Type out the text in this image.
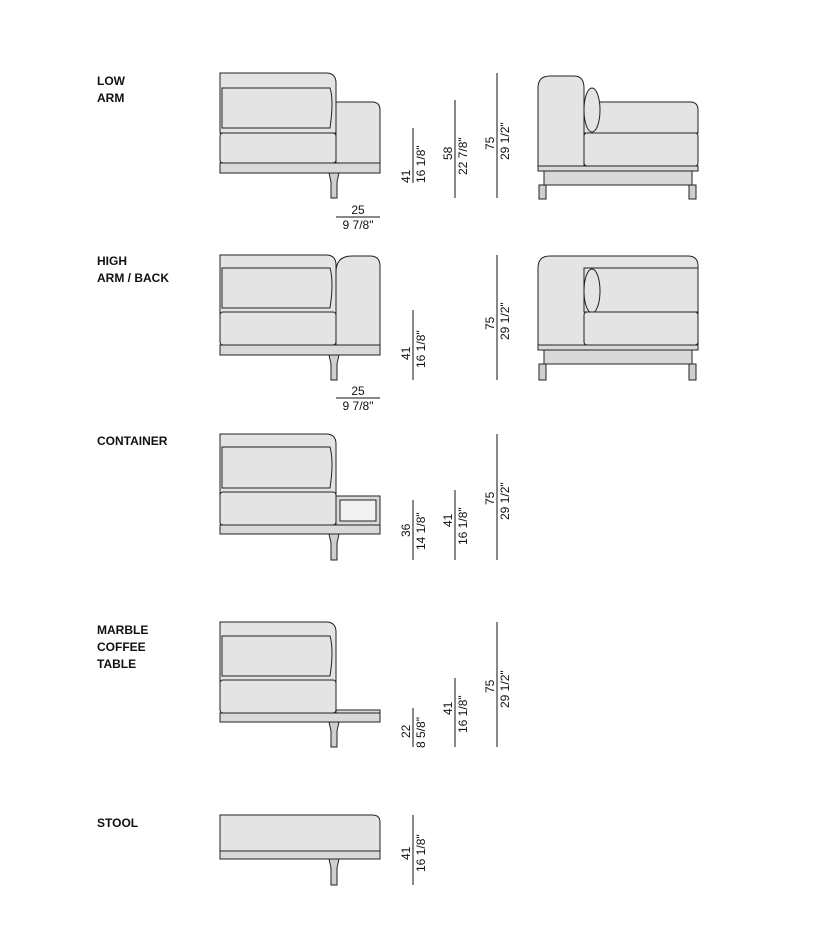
LOW
ARM
25
9 7/8"
41 16 1/8" 58 22 7/8" 75 29 1/2"
HIGH
ARM / BACK
25
9 7/8"
41 16 1/8"
75 29 1/2"
CONTAINER
36 14 1/8" 41 16 1/8"
75 29 1/2"
MARBLE
COFFEE
TABLE
22 8 5/8"
41 16 1/8"
75 29 1/2"
STOOL
41 16 1/8"
